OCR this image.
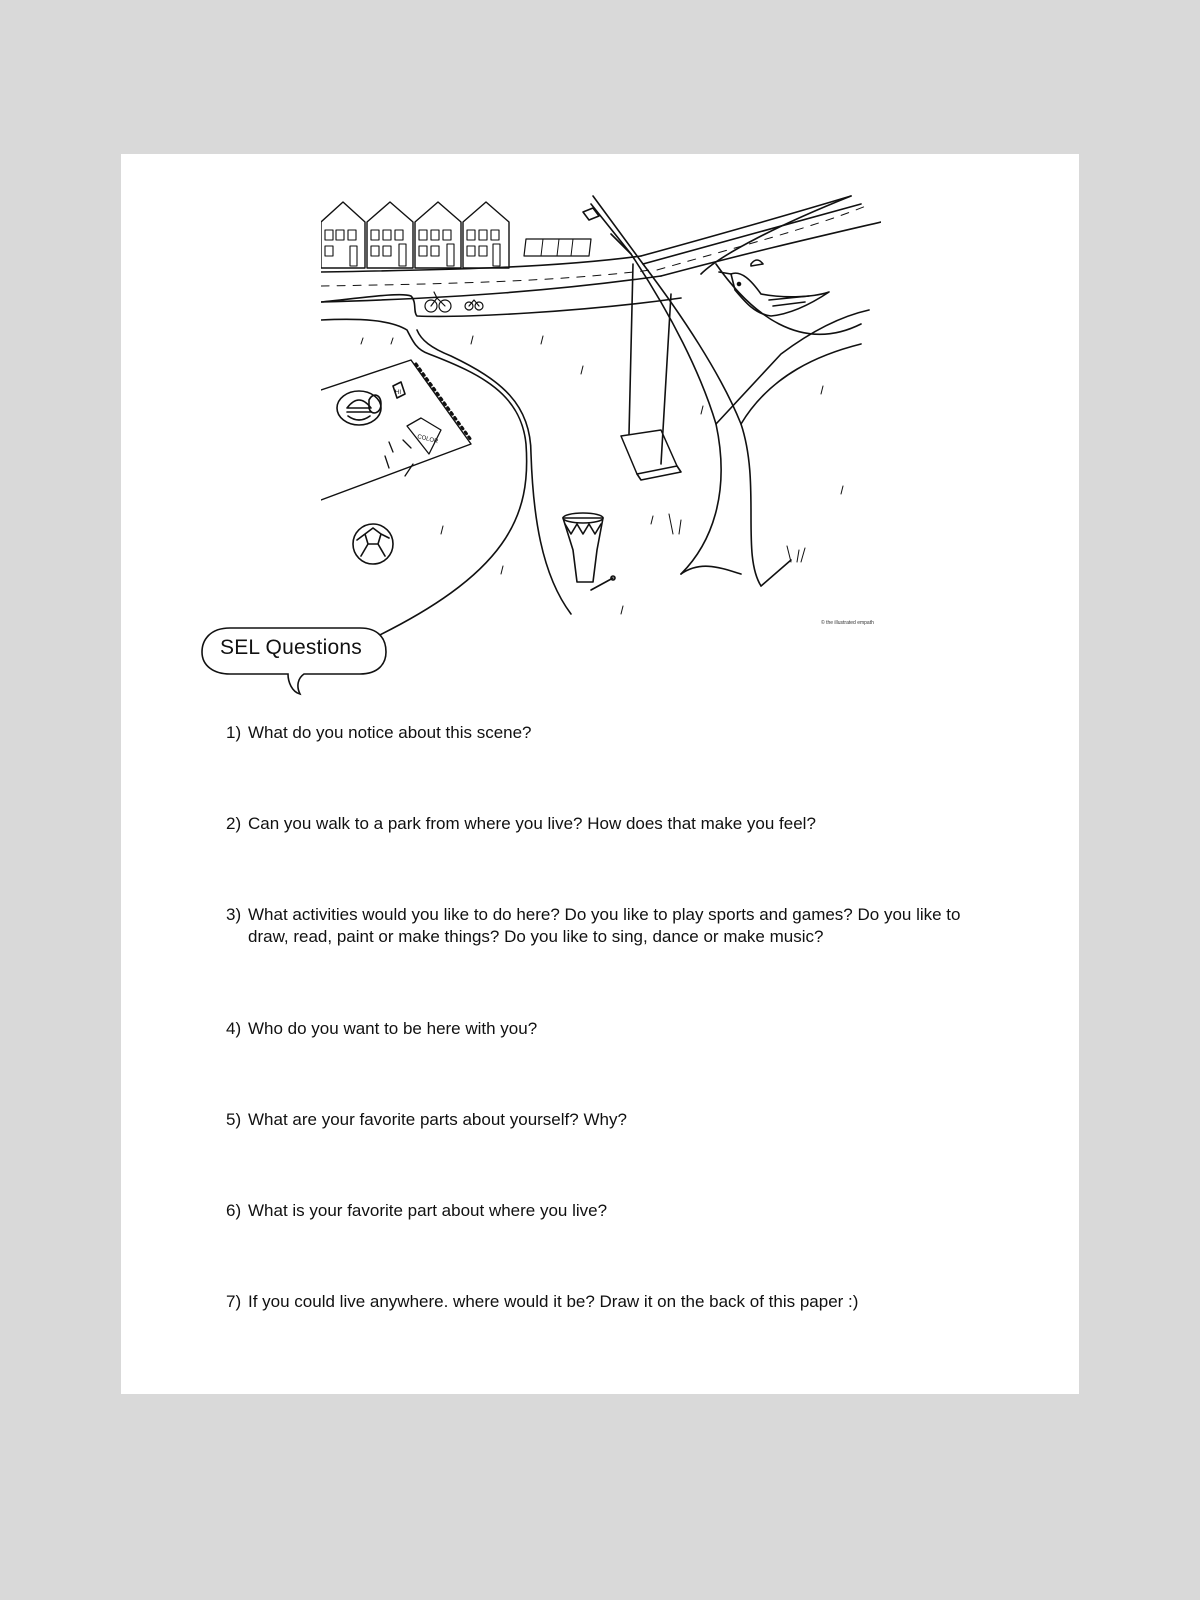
HI
COLOR
© the illustrated empath
SEL Questions
1) What do you notice about this scene?
2) Can you walk to a park from where you live? How does that make you feel?
3) What activities would you like to do here? Do you like to play sports and games? Do you like to draw, read, paint or make things? Do you like to sing, dance or make music?
4) Who do you want to be here with you?
5) What are your favorite parts about yourself? Why?
6) What is your favorite part about where you live?
7) If you could live anywhere. where would it be? Draw it on the back of this paper :)
